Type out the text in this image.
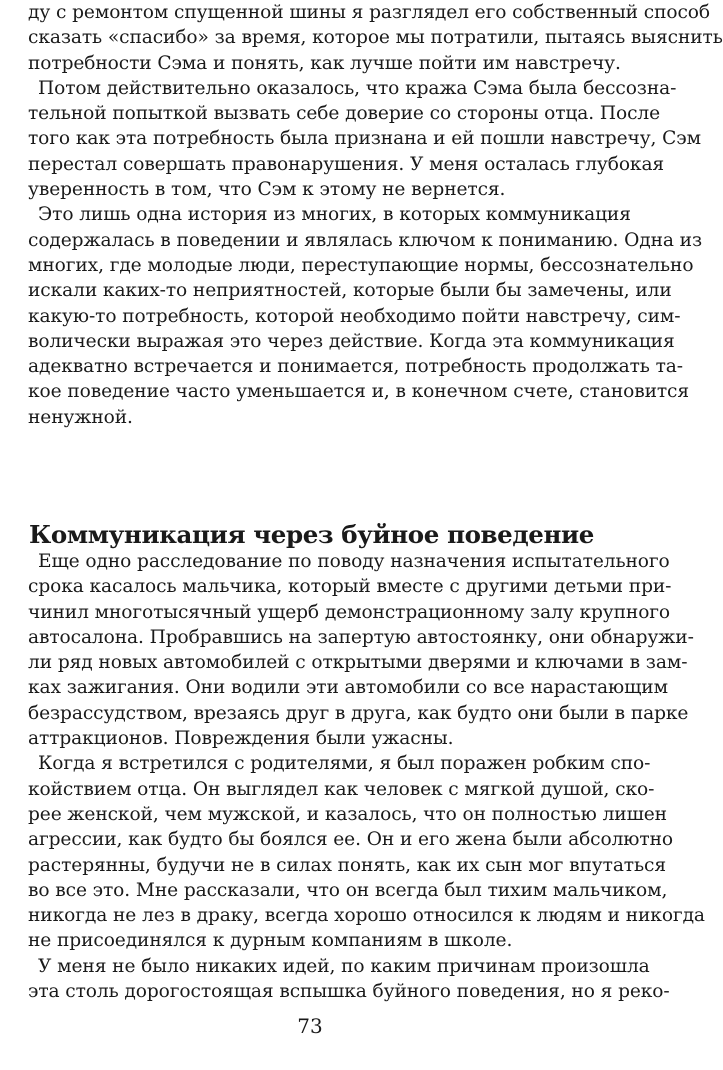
ду с ремонтом спущенной шины я разглядел его собственный способ
сказать «спасибо» за время, которое мы потратили, пытаясь выяснить
потребности Сэма и понять, как лучше пойти им навстречу.
Потом действительно оказалось, что кража Сэма была бессозна-
тельной попыткой вызвать себе доверие со стороны отца. После
того как эта потребность была признана и ей пошли навстречу, Сэм
перестал совершать правонарушения. У меня осталась глубокая
уверенность в том, что Сэм к этому не вернется.
Это лишь одна история из многих, в которых коммуникация
содержалась в поведении и являлась ключом к пониманию. Одна из
многих, где молодые люди, переступающие нормы, бессознательно
искали каких-то неприятностей, которые были бы замечены, или
какую-то потребность, которой необходимо пойти навстречу, сим-
волически выражая это через действие. Когда эта коммуникация
адекватно встречается и понимается, потребность продолжать та-
кое поведение часто уменьшается и, в конечном счете, становится
ненужной.
Коммуникация через буйное поведение
Еще одно расследование по поводу назначения испытательного
срока касалось мальчика, который вместе с другими детьми при-
чинил многотысячный ущерб демонстрационному залу крупного
автосалона. Пробравшись на запертую автостоянку, они обнаружи-
ли ряд новых автомобилей с открытыми дверями и ключами в зам-
ках зажигания. Они водили эти автомобили со все нарастающим
безрассудством, врезаясь друг в друга, как будто они были в парке
аттракционов. Повреждения были ужасны.
Когда я встретился с родителями, я был поражен робким спо-
койствием отца. Он выглядел как человек с мягкой душой, ско-
рее женской, чем мужской, и казалось, что он полностью лишен
агрессии, как будто бы боялся ее. Он и его жена были абсолютно
растерянны, будучи не в силах понять, как их сын мог впутаться
во все это. Мне рассказали, что он всегда был тихим мальчиком,
никогда не лез в драку, всегда хорошо относился к людям и никогда
не присоединялся к дурным компаниям в школе.
У меня не было никаких идей, по каким причинам произошла
эта столь дорогостоящая вспышка буйного поведения, но я реко-
73
